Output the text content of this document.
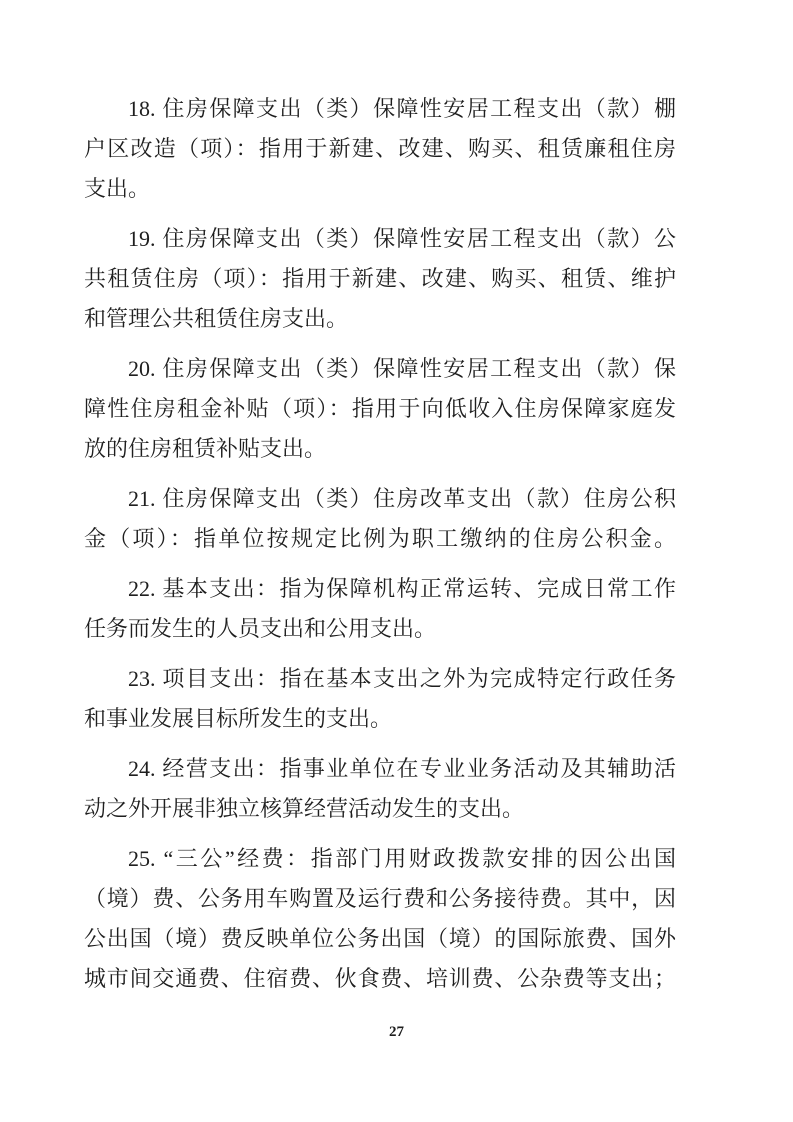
18. 住房保障支出（类）保障性安居工程支出（款）棚
户区改造（项）：指用于新建、改建、购买、租赁廉租住房
支出。
19. 住房保障支出（类）保障性安居工程支出（款）公
共租赁住房（项）：指用于新建、改建、购买、租赁、维护
和管理公共租赁住房支出。
20. 住房保障支出（类）保障性安居工程支出（款）保
障性住房租金补贴（项）：指用于向低收入住房保障家庭发
放的住房租赁补贴支出。
21. 住房保障支出（类）住房改革支出（款）住房公积
金（项）：指单位按规定比例为职工缴纳的住房公积金。
22. 基本支出：指为保障机构正常运转、完成日常工作
任务而发生的人员支出和公用支出。
23. 项目支出：指在基本支出之外为完成特定行政任务
和事业发展目标所发生的支出。
24. 经营支出：指事业单位在专业业务活动及其辅助活
动之外开展非独立核算经营活动发生的支出。
25. “三公”经费：指部门用财政拨款安排的因公出国
（境）费、公务用车购置及运行费和公务接待费。其中，因
公出国（境）费反映单位公务出国（境）的国际旅费、国外
城市间交通费、住宿费、伙食费、培训费、公杂费等支出；
27
